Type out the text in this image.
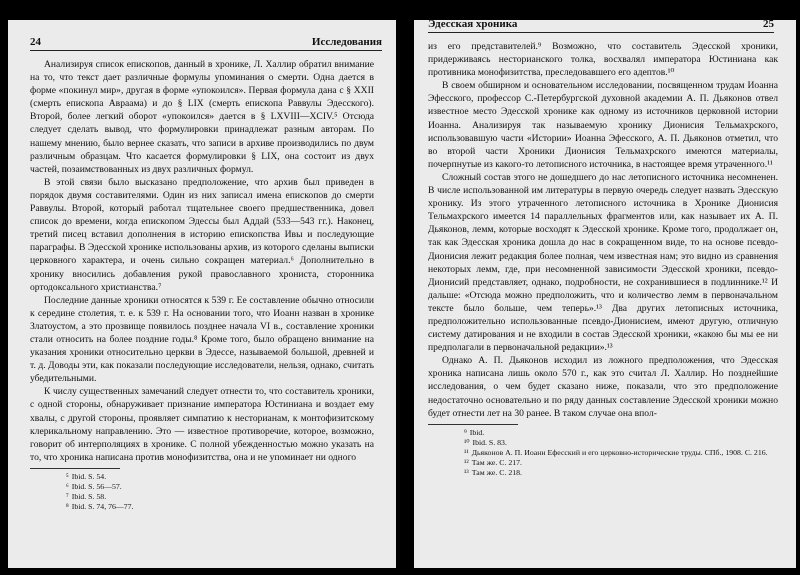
24	Исследования

Анализируя список епископов, данный в хронике, Л. Халлир обратил внимание на то, что текст дает различные формулы упоминания о смерти. Одна дается в форме «покинул мир», другая в форме «упокоился». Первая формула дана с § XXII (смерть епископа Авраама) и до § LIX (смерть епископа Раввулы Эдесского). Второй, более легкий оборот «упокоился» дается в § LXVIII—XCIV.⁵ Отсюда следует сделать вывод, что формулировки принадлежат разным авторам. По нашему мнению, было вернее сказать, что записи в архиве производились по двум различным образцам. Что касается формулировки § LIX, она состоит из двух частей, позаимствованных из двух различных формул.

В этой связи было высказано предположение, что архив был приведен в порядок двумя составителями. Один из них записал имена епископов до смерти Раввулы. Второй, который работал тщательнее своего предшественника, довел список до времени, когда епископом Эдессы был Аддай (533—543 гг.). Наконец, третий писец вставил дополнения в историю епископства Ивы и последующие параграфы. В Эдесской хронике использованы архив, из которого сделаны выписки церковного характера, и очень сильно сокращен материал.⁶ Дополнительно в хронику вносились добавления рукой православного хрониста, сторонника ортодоксального христианства.⁷

Последние данные хроники относятся к 539 г. Ее составление обычно относили к середине столетия, т. е. к 539 г. На основании того, что Иоанн назван в хронике Златоустом, а это прозвище появилось позднее начала VI в., составление хроники стали относить на более поздние годы.⁸ Кроме того, было обращено внимание на указания хроники относительно церкви в Эдессе, называемой большой, древней и т. д. Доводы эти, как показали последующие исследователи, нельзя, однако, считать убедительными.

К числу существенных замечаний следует отнести то, что составитель хроники, с одной стороны, обнаруживает признание императора Юстиниана и воздает ему хвалы, с другой стороны, проявляет симпатию к несторианам, к монтофизитскому клерикальному направлению. Это — известное противоречие, которое, возможно, говорит об интерполяциях в хронике. С полной убежденностью можно указать на то, что хроника написана против монофизитства, она и не упоминает ни одного

⁵ Ibid. S. 54.
⁶ Ibid. S. 56—57.
⁷ Ibid. S. 58.
⁸ Ibid. S. 74, 76—77.
Эдесская хроника	25

из его представителей.⁹ Возможно, что составитель Эдесской хроники, придерживаясь несторианского толка, восхвалял императора Юстиниана как противника монофизитства, преследовавшего его адептов.¹⁰

В своем обширном и основательном исследовании, посвященном трудам Иоанна Эфесского, профессор С.-Петербургской духовной академии А. П. Дьяконов отвел известное место Эдесской хронике как одному из источников церковной истории Иоанна. Анализируя так называемую хронику Дионисия Тельмахрского, использовавшую части «Истории» Иоанна Эфесского, А. П. Дьяконов отметил, что во второй части Хроники Дионисия Тельмахрского имеются материалы, почерпнутые из какого-то летописного источника, в настоящее время утраченного.¹¹

Сложный состав этого не дошедшего до нас летописного источника несомненен. В числе использованной им литературы в первую очередь следует назвать Эдесскую хронику. Из этого утраченного летописного источника в Хронике Дионисия Тельмахрского имеется 14 параллельных фрагментов или, как называет их А. П. Дьяконов, лемм, которые восходят к Эдесской хронике. Кроме того, продолжает он, так как Эдесская хроника дошла до нас в сокращенном виде, то на основе псевдо-Дионисия лежит редакция более полная, чем известная нам; это видно из сравнения некоторых лемм, где, при несомненной зависимости Эдесской хроники, псевдо-Дионисий представляет, однако, подробности, не сохранившиеся в подлиннике.¹² И дальше: «Отсюда можно предположить, что и количество лемм в первоначальном тексте было больше, чем теперь».¹³ Два других летописных источника, предположительно использованные псевдо-Дионисием, имеют другую, отличную систему датирования и не входили в состав Эдесской хроники, «какою бы мы ее ни предполагали в первоначальной редакции».¹³

Однако А. П. Дьяконов исходил из ложного предположения, что Эдесская хроника написана лишь около 570 г., как это считал Л. Халлир. Но позднейшие исследования, о чем будет сказано ниже, показали, что это предположение недостаточно основательно и по ряду данных составление Эдесской хроники можно будет отнести лет на 30 ранее. В таком случае она впол-

⁹ Ibid.
¹⁰ Ibid. S. 83.
¹¹ Дьяконов А. П. Иоанн Ефесский и его церковно-исторические труды. СПб., 1908. С. 216.
¹² Там же. С. 217.
¹³ Там же. С. 218.
